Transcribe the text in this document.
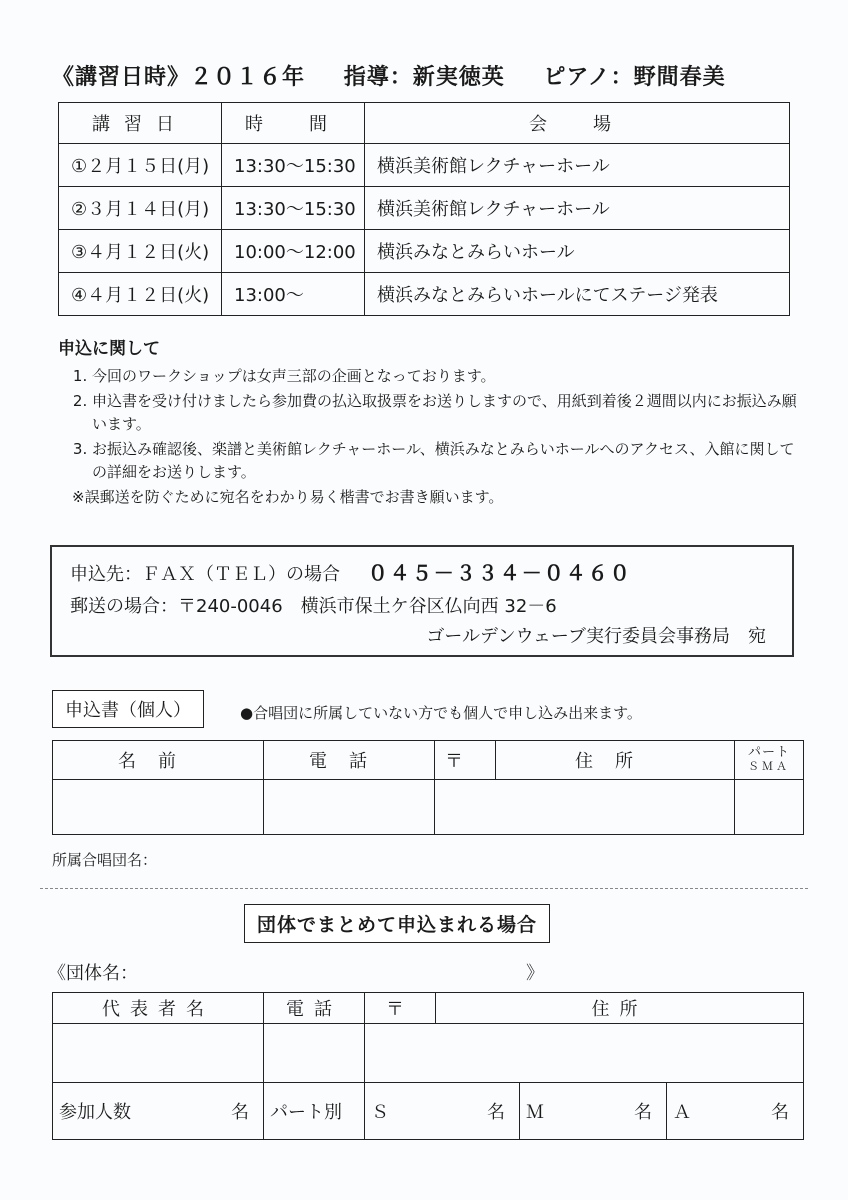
《講習日時》２０１６年 指導：新実徳英 ピアノ：野間春美
講習日	時　間	会　場
①２月１５日(月)	13:30～15:30	横浜美術館レクチャーホール
②３月１４日(月)	13:30～15:30	横浜美術館レクチャーホール
③４月１２日(火)	10:00～12:00	横浜みなとみらいホール
④４月１２日(火)	13:00～	横浜みなとみらいホールにてステージ発表
申込に関して
1. 今回のワークショップは女声三部の企画となっております。
2. 申込書を受け付けましたら参加費の払込取扱票をお送りしますので、用紙到着後２週間以内にお振込み願います。
3. お振込み確認後、楽譜と美術館レクチャーホール、横浜みなとみらいホールへのアクセス、入館に関しての詳細をお送りします。
※誤郵送を防ぐために宛名をわかり易く楷書でお書き願います。
申込先：ＦＡＸ（ＴＥＬ）の場合 ０４５－３３４－０４６０
郵送の場合：〒240-0046　横浜市保土ケ谷区仏向西 32－6
ゴールデンウェーブ実行委員会事務局　宛
申込書（個人）	●合唱団に所属していない方でも個人で申し込み出来ます。
名前	電話	〒	住所	パート
ＳＭＡ

所属合唱団名：
団体でまとめて申込まれる場合
《団体名：	》
代表者名	電話	〒	住所		

参加人数 名	パート別	Ｓ 名		Ｍ 名	Ａ 名
